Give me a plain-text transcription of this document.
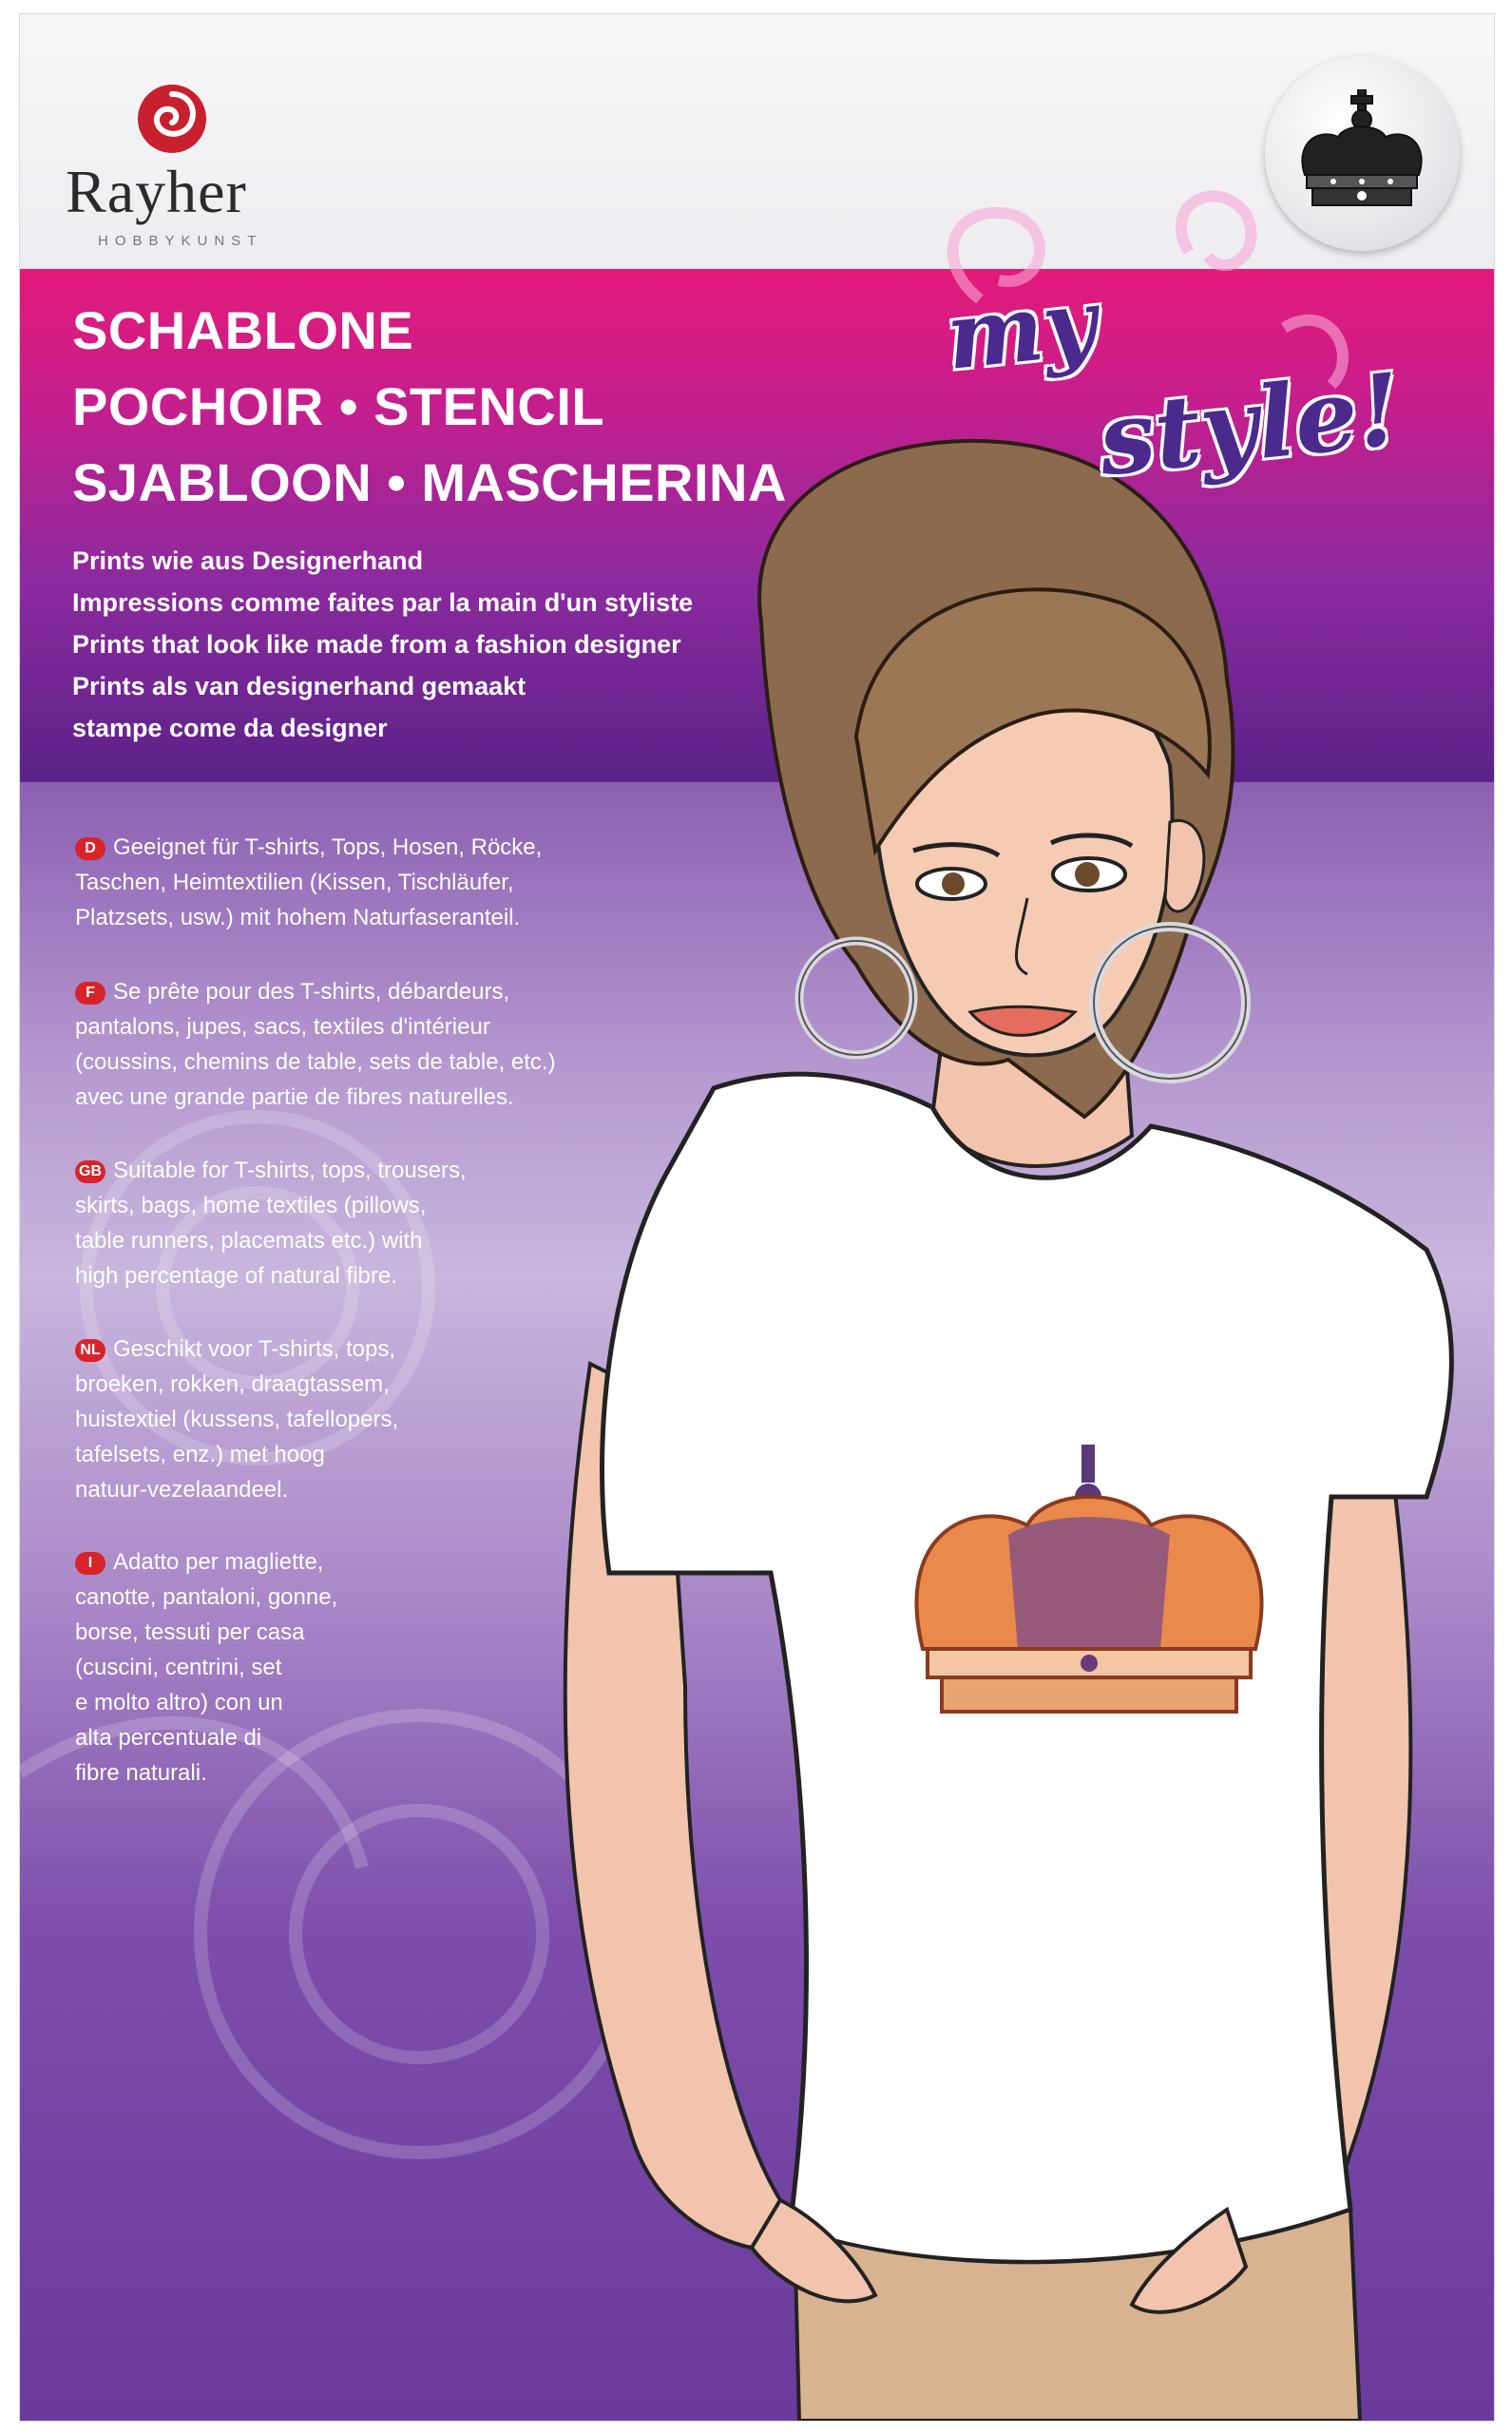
Rayher
HOBBYKUNST
SCHABLONE
POCHOIR • STENCIL
SJABLOON • MASCHERINA
Prints wie aus Designerhand
Impressions comme faites par la main d'un styliste
Prints that look like made from a fashion designer
Prints als van designerhand gemaakt
stampe come da designer
my
style!
D Geeignet für T-shirts, Tops, Hosen, Röcke,
Taschen, Heimtextilien (Kissen, Tischläufer,
Platzsets, usw.) mit hohem Naturfaseranteil.
F Se prête pour des T-shirts, débardeurs,
pantalons, jupes, sacs, textiles d'intérieur
(coussins, chemins de table, sets de table, etc.)
avec une grande partie de fibres naturelles.
GB Suitable for T-shirts, tops, trousers,
skirts, bags, home textiles (pillows,
table runners, placemats etc.) with
high percentage of natural fibre.
NL Geschikt voor T-shirts, tops,
broeken, rokken, draagtassem,
huistextiel (kussens, tafellopers,
tafelsets, enz.) met hoog
natuur-vezelaandeel.
I Adatto per magliette,
canotte, pantaloni, gonne,
borse, tessuti per casa
(cuscini, centrini, set
e molto altro) con un
alta percentuale di
fibre naturali.
